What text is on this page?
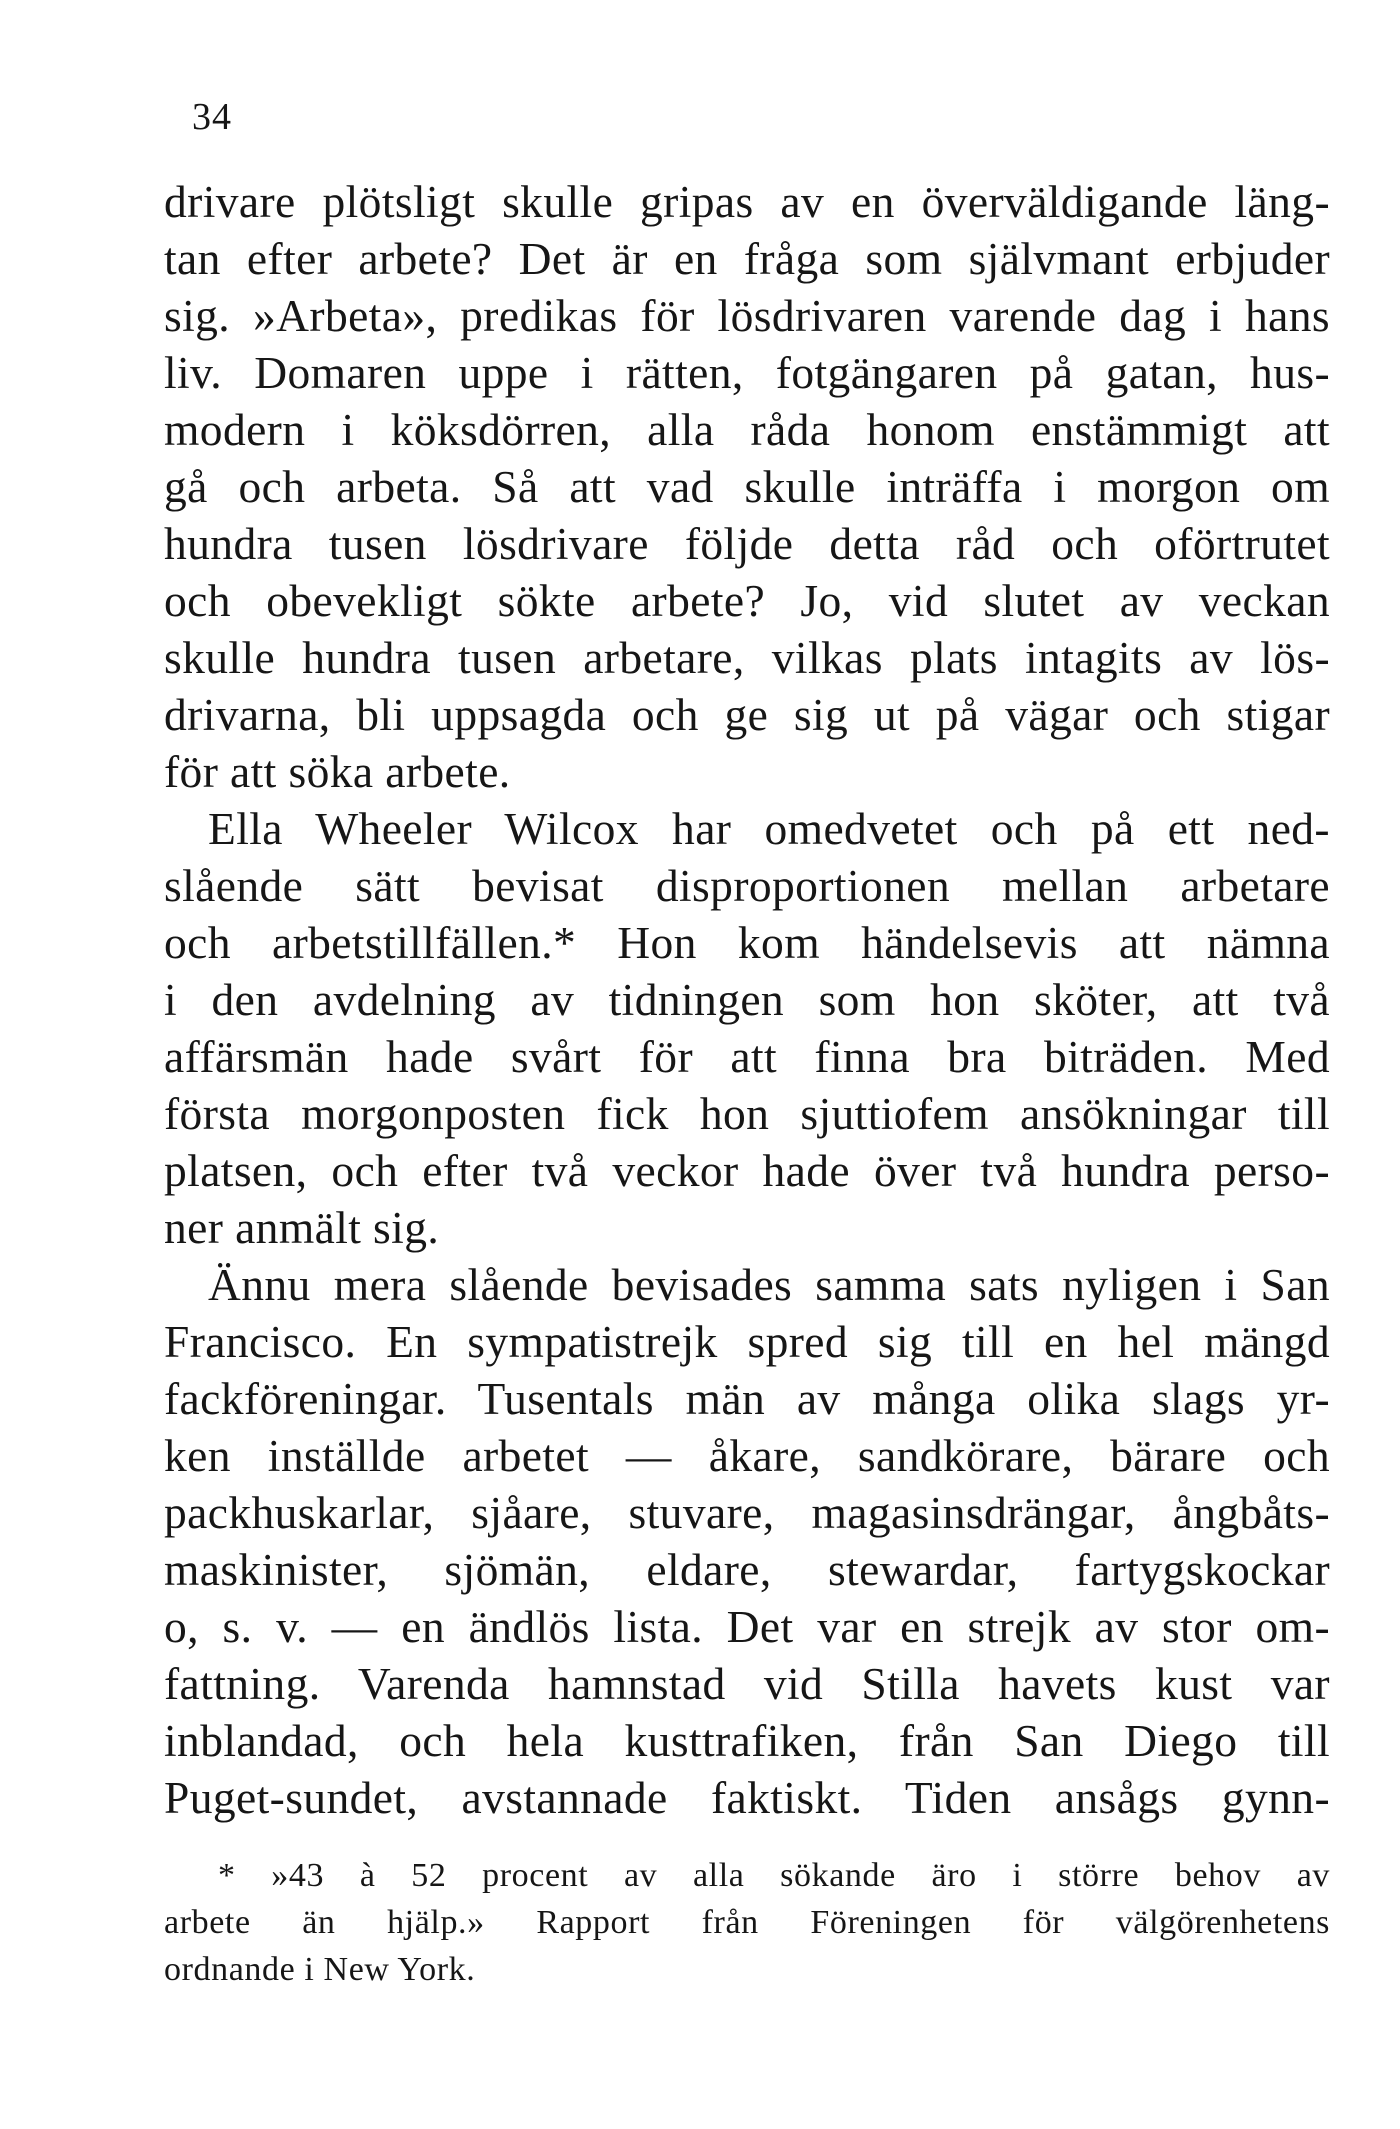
34
drivare plötsligt skulle gripas av en överväldigande läng-
tan efter arbete? Det är en fråga som självmant erbjuder
sig. »Arbeta», predikas för lösdrivaren varende dag i hans
liv. Domaren uppe i rätten, fotgängaren på gatan, hus-
modern i köksdörren, alla råda honom enstämmigt att
gå och arbeta. Så att vad skulle inträffa i morgon om
hundra tusen lösdrivare följde detta råd och oförtrutet
och obevekligt sökte arbete? Jo, vid slutet av veckan
skulle hundra tusen arbetare, vilkas plats intagits av lös-
drivarna, bli uppsagda och ge sig ut på vägar och stigar
för att söka arbete.
Ella Wheeler Wilcox har omedvetet och på ett ned-
slående sätt bevisat disproportionen mellan arbetare
och arbetstillfällen.* Hon kom händelsevis att nämna
i den avdelning av tidningen som hon sköter, att två
affärsmän hade svårt för att finna bra biträden. Med
första morgonposten fick hon sjuttiofem ansökningar till
platsen, och efter två veckor hade över två hundra perso-
ner anmält sig.
Ännu mera slående bevisades samma sats nyligen i San
Francisco. En sympatistrejk spred sig till en hel mängd
fackföreningar. Tusentals män av många olika slags yr-
ken inställde arbetet — åkare, sandkörare, bärare och
packhuskarlar, sjåare, stuvare, magasinsdrängar, ångbåts-
maskinister, sjömän, eldare, stewardar, fartygskockar
o, s. v. — en ändlös lista. Det var en strejk av stor om-
fattning. Varenda hamnstad vid Stilla havets kust var
inblandad, och hela kusttrafiken, från San Diego till
Puget-sundet, avstannade faktiskt. Tiden ansågs gynn-
* »43 à 52 procent av alla sökande äro i större behov av
arbete än hjälp.» Rapport från Föreningen för välgörenhetens
ordnande i New York.
